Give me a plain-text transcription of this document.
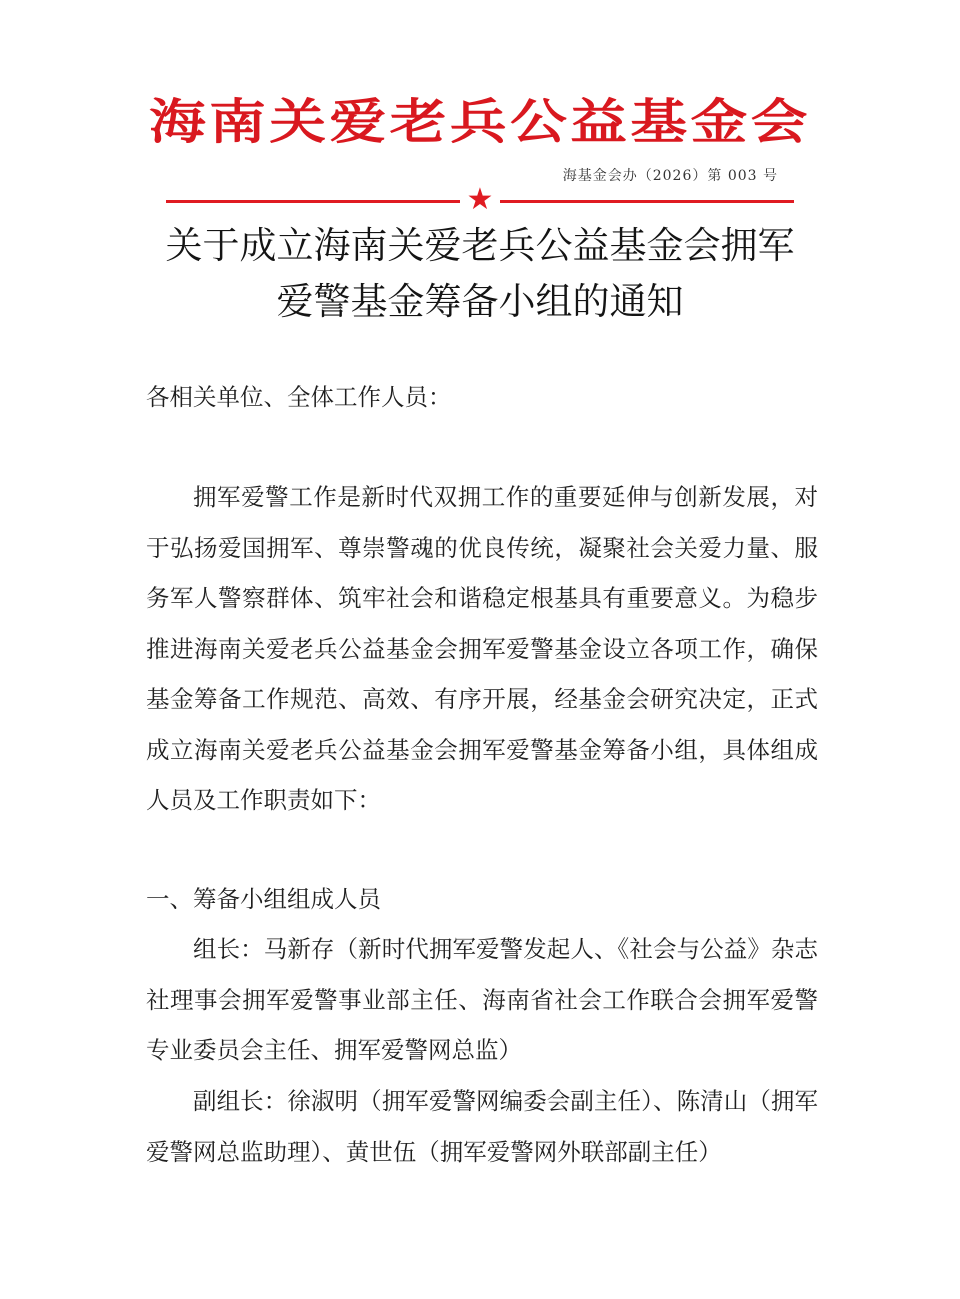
海南关爱老兵公益基金会
海基金会办（2026）第 003 号
★
关于成立海南关爱老兵公益基金会拥军
爱警基金筹备小组的通知
各相关单位、全体工作人员：
拥军爱警工作是新时代双拥工作的重要延伸与创新发展，对于弘扬爱国拥军、尊崇警魂的优良传统，凝聚社会关爱力量、服务军人警察群体、筑牢社会和谐稳定根基具有重要意义。为稳步推进海南关爱老兵公益基金会拥军爱警基金设立各项工作，确保基金筹备工作规范、高效、有序开展，经基金会研究决定，正式成立海南关爱老兵公益基金会拥军爱警基金筹备小组，具体组成人员及工作职责如下：
一、筹备小组组成人员
组长：马新存（新时代拥军爱警发起人、《社会与公益》杂志社理事会拥军爱警事业部主任、海南省社会工作联合会拥军爱警专业委员会主任、拥军爱警网总监）
副组长：徐淑明（拥军爱警网编委会副主任）、陈清山（拥军爱警网总监助理）、黄世伍（拥军爱警网外联部副主任）
